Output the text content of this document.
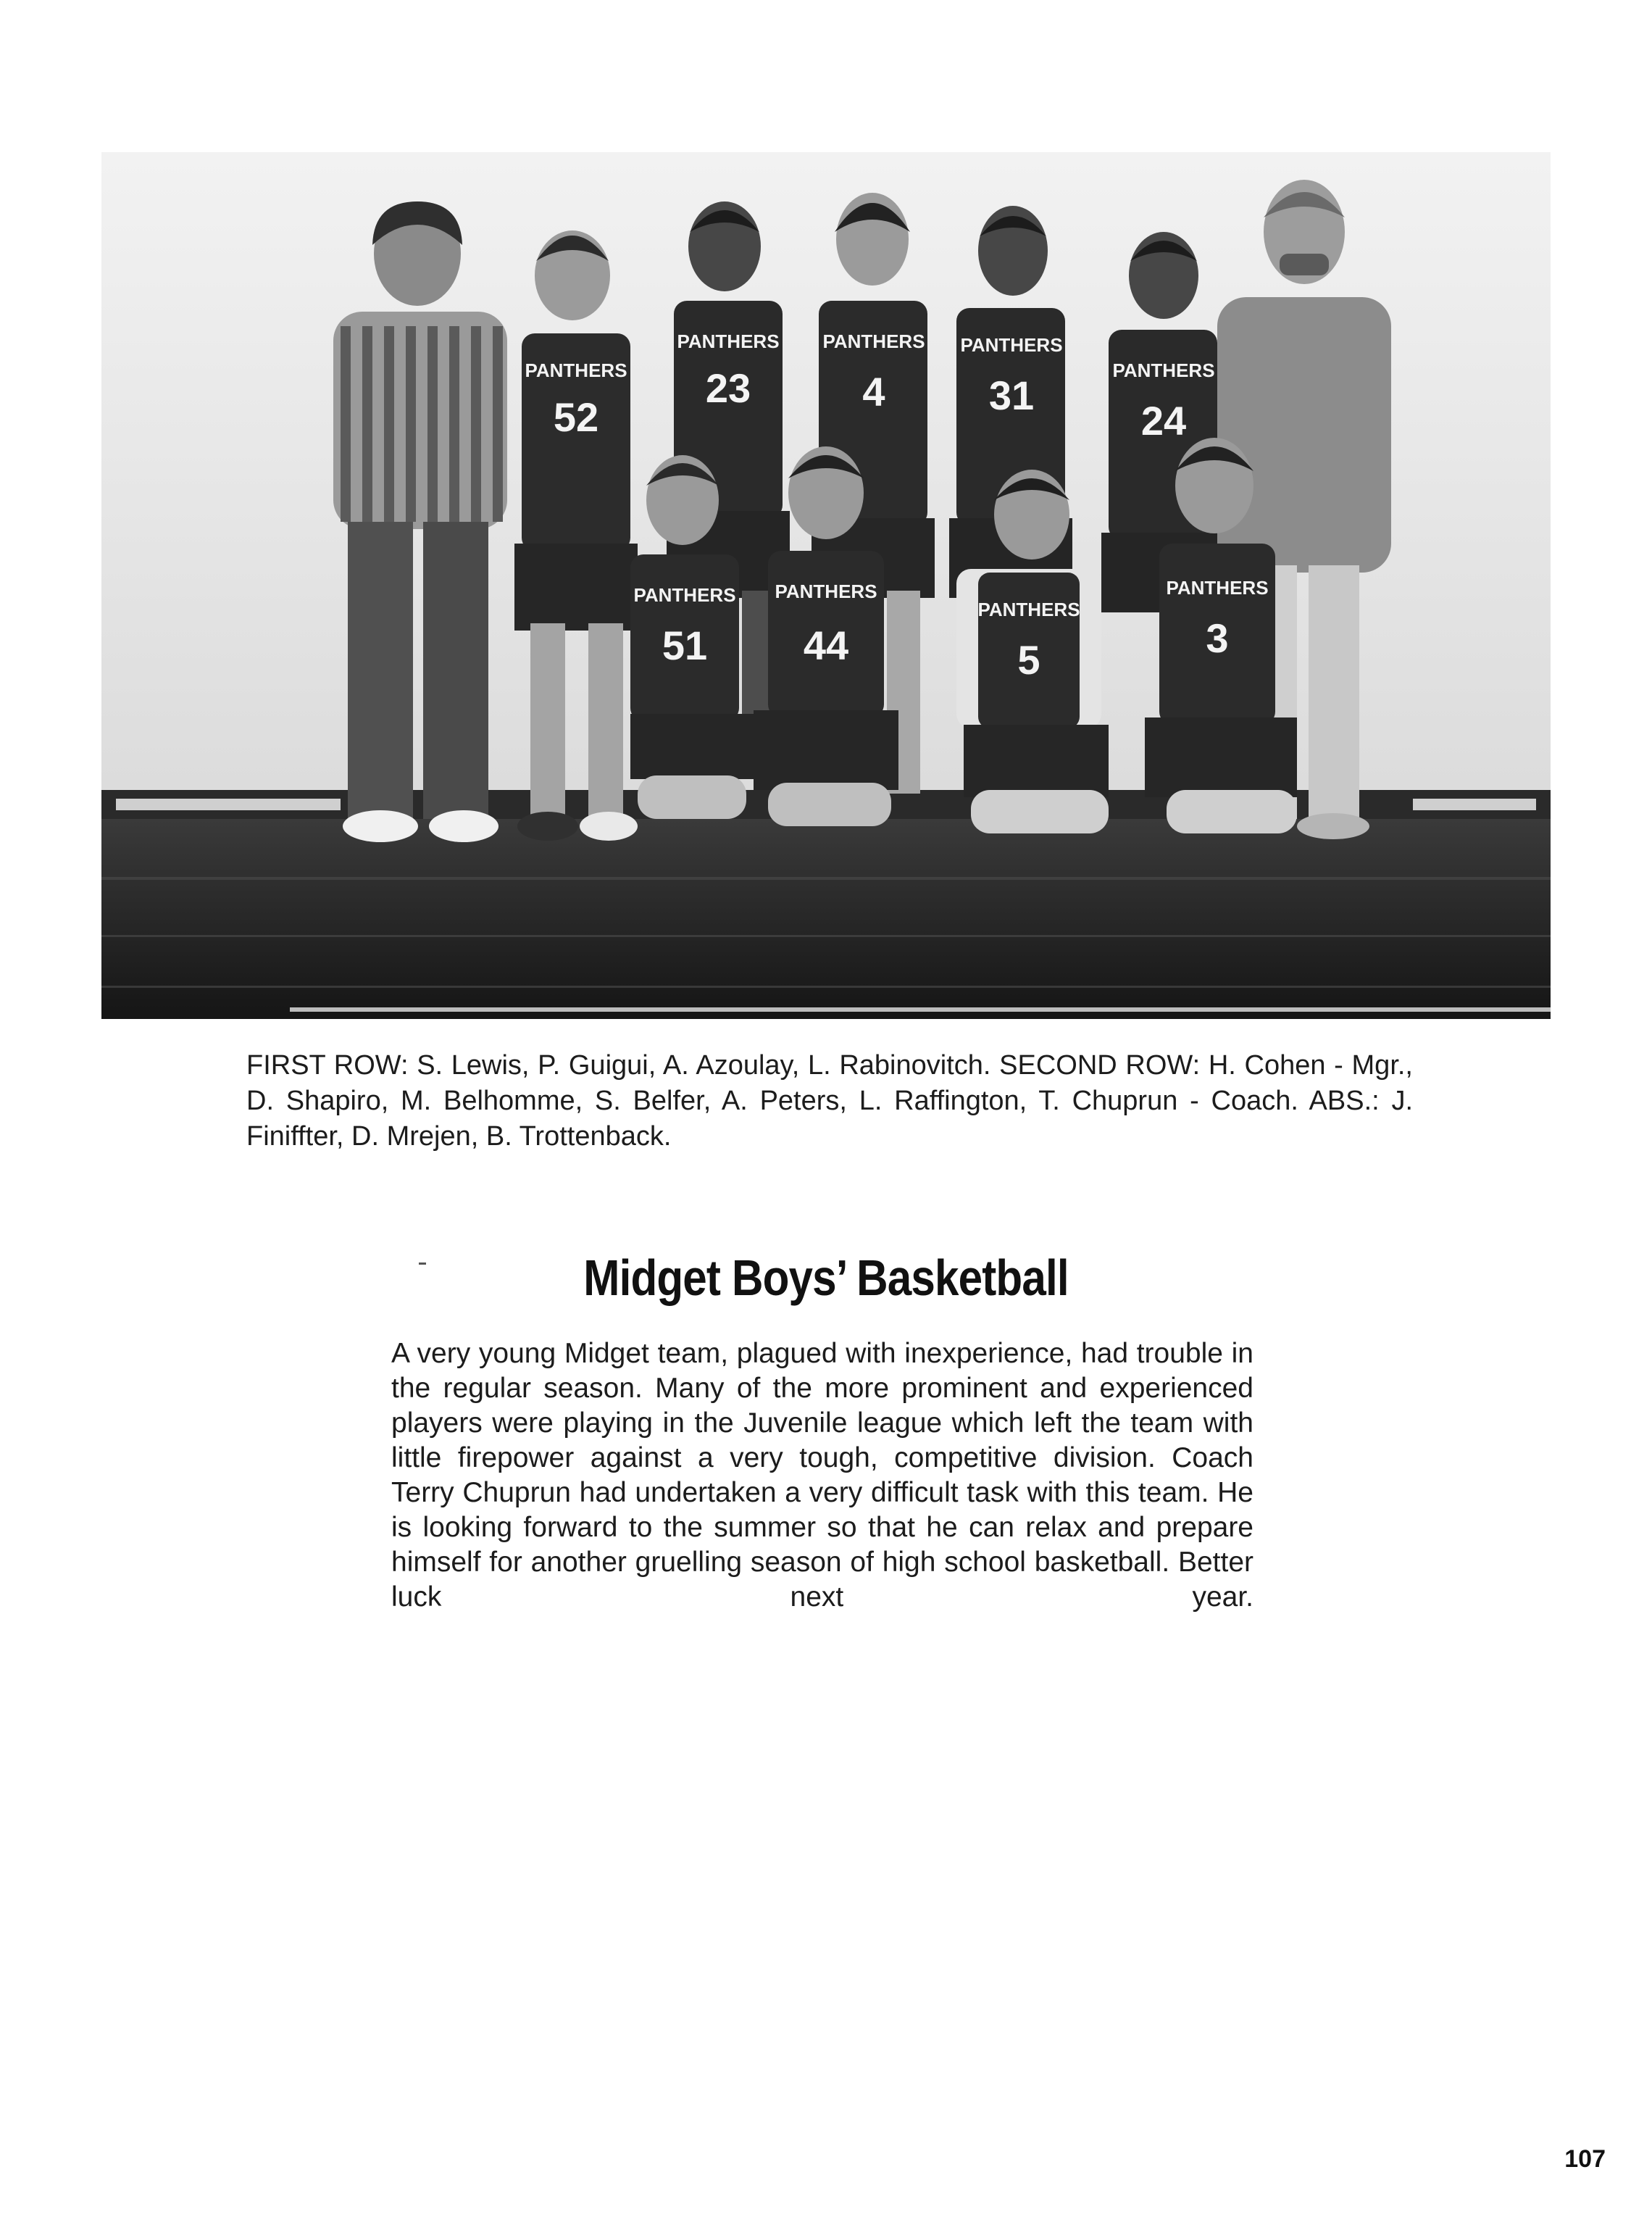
52
PANTHERS 23
PANTHERS
4
PANTHERS
31
PANTHERS
24
PANTHERS
51
PANTHERS
44
PANTHERS
5
PANTHERS
3
PANTHERS

FIRST ROW: S. Lewis, P. Guigui, A. Azoulay, L. Rabinovitch. SECOND ROW: H. Cohen - Mgr., D. Shapiro, M. Belhomme, S. Belfer, A. Peters, L. Raffington, T. Chuprun - Coach. ABS.: J. Finiffter, D. Mrejen, B. Trottenback.

Midget Boys’ Basketball
A very young Midget team, plagued with inexperience, had trouble in the regular season. Many of the more prominent and experienced players were playing in the Juvenile league which left the team with little firepower against a very tough, competitive division. Coach Terry Chuprun had undertaken a very difficult task with this team. He is looking forward to the summer so that he can relax and prepare himself for another gruelling season of high school basketball. Better luck next year.
107
